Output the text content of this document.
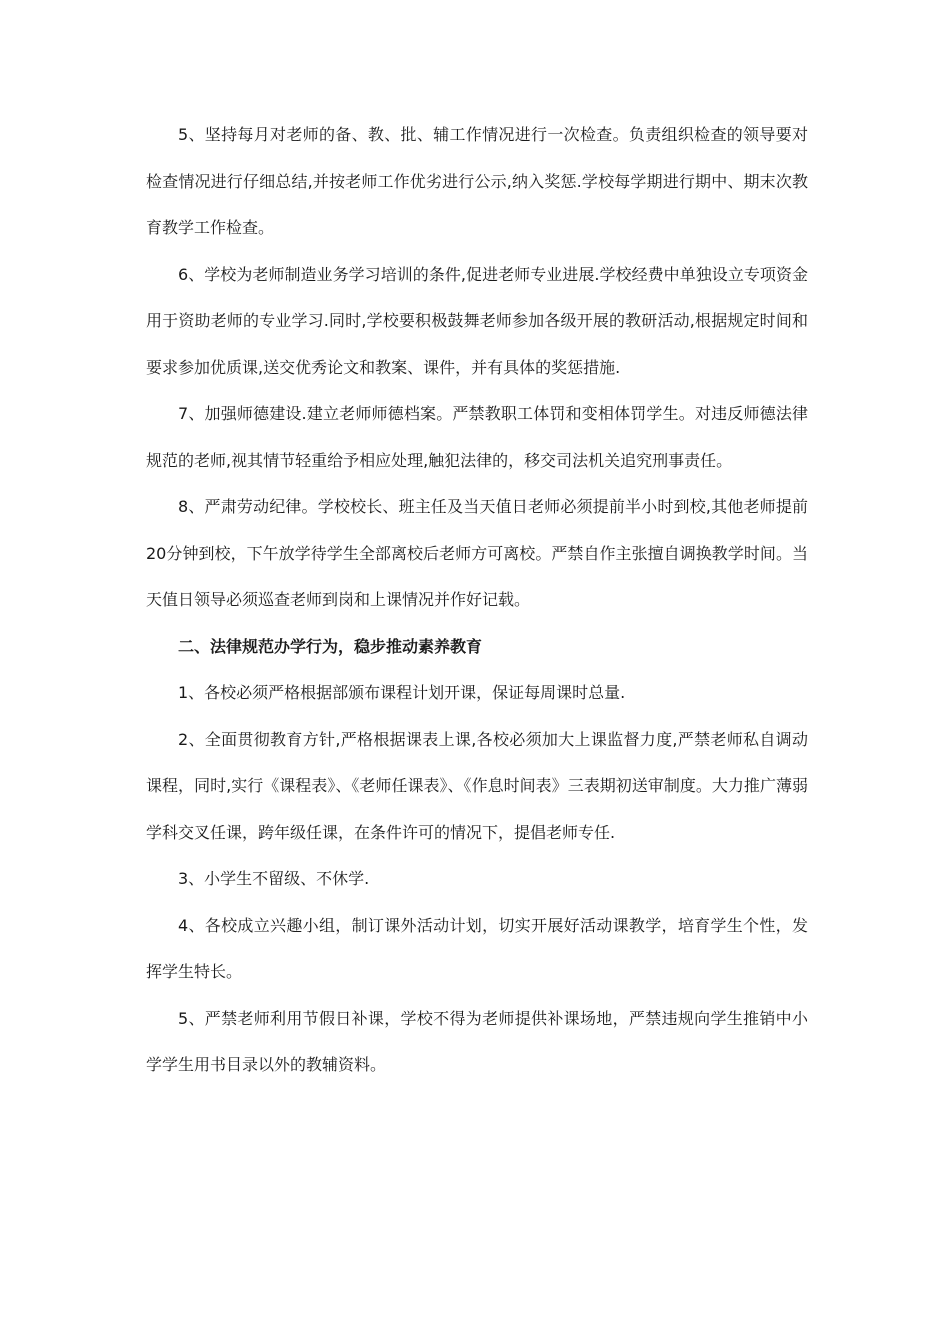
5、坚持每月对老师的备、教、批、辅工作情况进行一次检查。负责组织检查的领导要对检查情况进行仔细总结,并按老师工作优劣进行公示,纳入奖惩.学校每学期进行期中、期末次教育教学工作检查。

6、学校为老师制造业务学习培训的条件,促进老师专业进展.学校经费中单独设立专项资金用于资助老师的专业学习.同时,学校要积极鼓舞老师参加各级开展的教研活动,根据规定时间和要求参加优质课,送交优秀论文和教案、课件，并有具体的奖惩措施.

7、加强师德建设.建立老师师德档案。严禁教职工体罚和变相体罚学生。对违反师德法律规范的老师,视其情节轻重给予相应处理,触犯法律的，移交司法机关追究刑事责任。

8、严肃劳动纪律。学校校长、班主任及当天值日老师必须提前半小时到校,其他老师提前20分钟到校，下午放学待学生全部离校后老师方可离校。严禁自作主张擅自调换教学时间。当天值日领导必须巡查老师到岗和上课情况并作好记载。

二、法律规范办学行为，稳步推动素养教育

1、各校必须严格根据部颁布课程计划开课，保证每周课时总量.

2、全面贯彻教育方针,严格根据课表上课,各校必须加大上课监督力度,严禁老师私自调动课程，同时,实行《课程表》、《老师任课表》、《作息时间表》三表期初送审制度。大力推广薄弱学科交叉任课，跨年级任课，在条件许可的情况下，提倡老师专任.

3、小学生不留级、不休学.

4、各校成立兴趣小组，制订课外活动计划，切实开展好活动课教学，培育学生个性，发挥学生特长。

5、严禁老师利用节假日补课，学校不得为老师提供补课场地，严禁违规向学生推销中小学学生用书目录以外的教辅资料。
